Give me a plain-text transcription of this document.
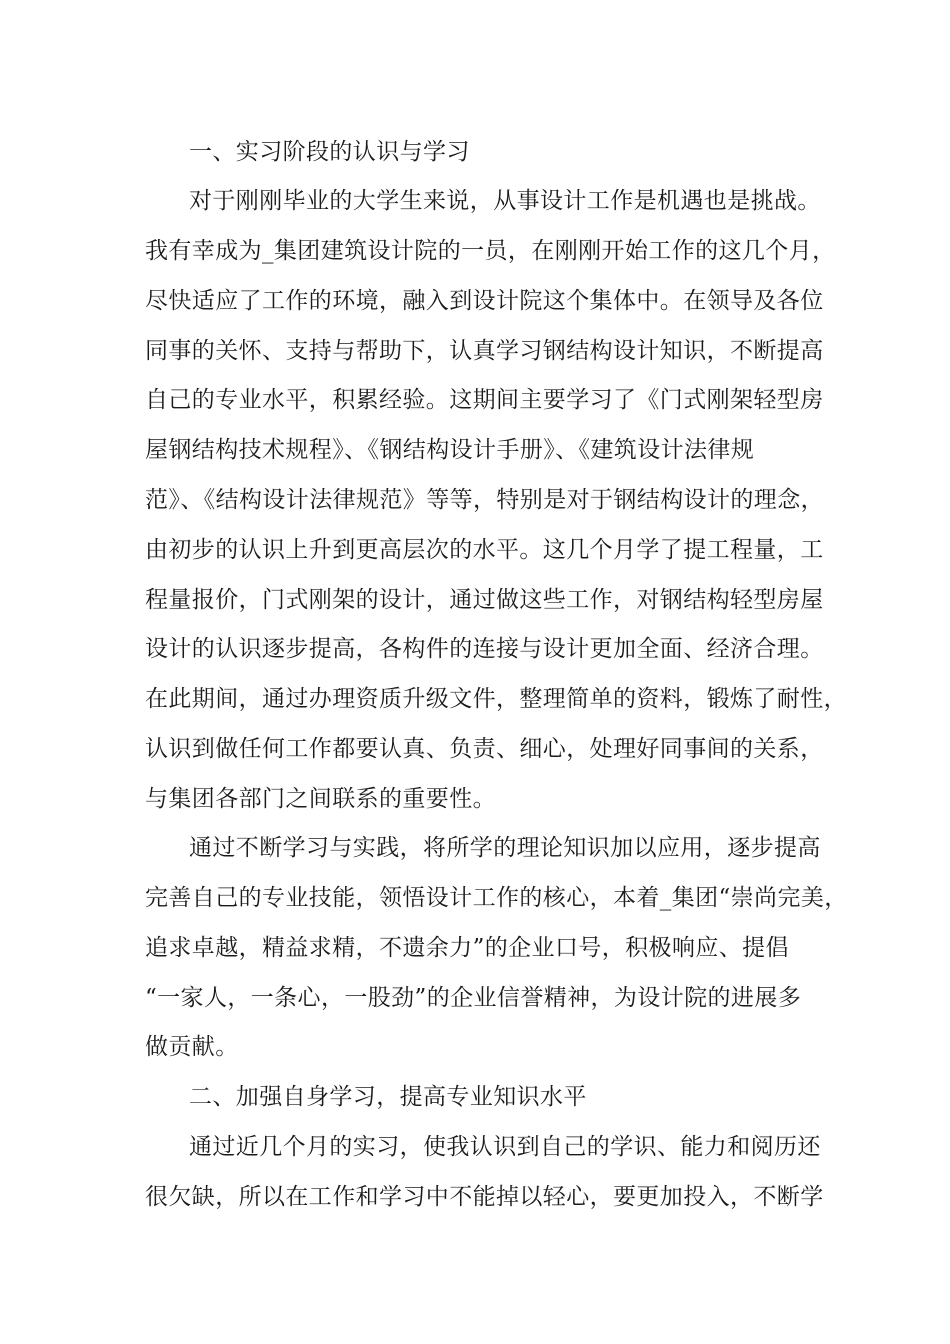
一、实习阶段的认识与学习
对于刚刚毕业的大学生来说，从事设计工作是机遇也是挑战。
我有幸成为_集团建筑设计院的一员，在刚刚开始工作的这几个月，
尽快适应了工作的环境，融入到设计院这个集体中。在领导及各位
同事的关怀、支持与帮助下，认真学习钢结构设计知识，不断提高
自己的专业水平，积累经验。这期间主要学习了《门式刚架轻型房
屋钢结构技术规程》、《钢结构设计手册》、《建筑设计法律规
范》、《结构设计法律规范》等等，特别是对于钢结构设计的理念，
由初步的认识上升到更高层次的水平。这几个月学了提工程量，工
程量报价，门式刚架的设计，通过做这些工作，对钢结构轻型房屋
设计的认识逐步提高，各构件的连接与设计更加全面、经济合理。
在此期间，通过办理资质升级文件，整理简单的资料，锻炼了耐性，
认识到做任何工作都要认真、负责、细心，处理好同事间的关系，
与集团各部门之间联系的重要性。
通过不断学习与实践，将所学的理论知识加以应用，逐步提高
完善自己的专业技能，领悟设计工作的核心，本着_集团“崇尚完美，
追求卓越，精益求精，不遗余力”的企业口号，积极响应、提倡
“一家人，一条心，一股劲”的企业信誉精神，为设计院的进展多
做贡献。
二、加强自身学习，提高专业知识水平
通过近几个月的实习，使我认识到自己的学识、能力和阅历还
很欠缺，所以在工作和学习中不能掉以轻心，要更加投入，不断学
